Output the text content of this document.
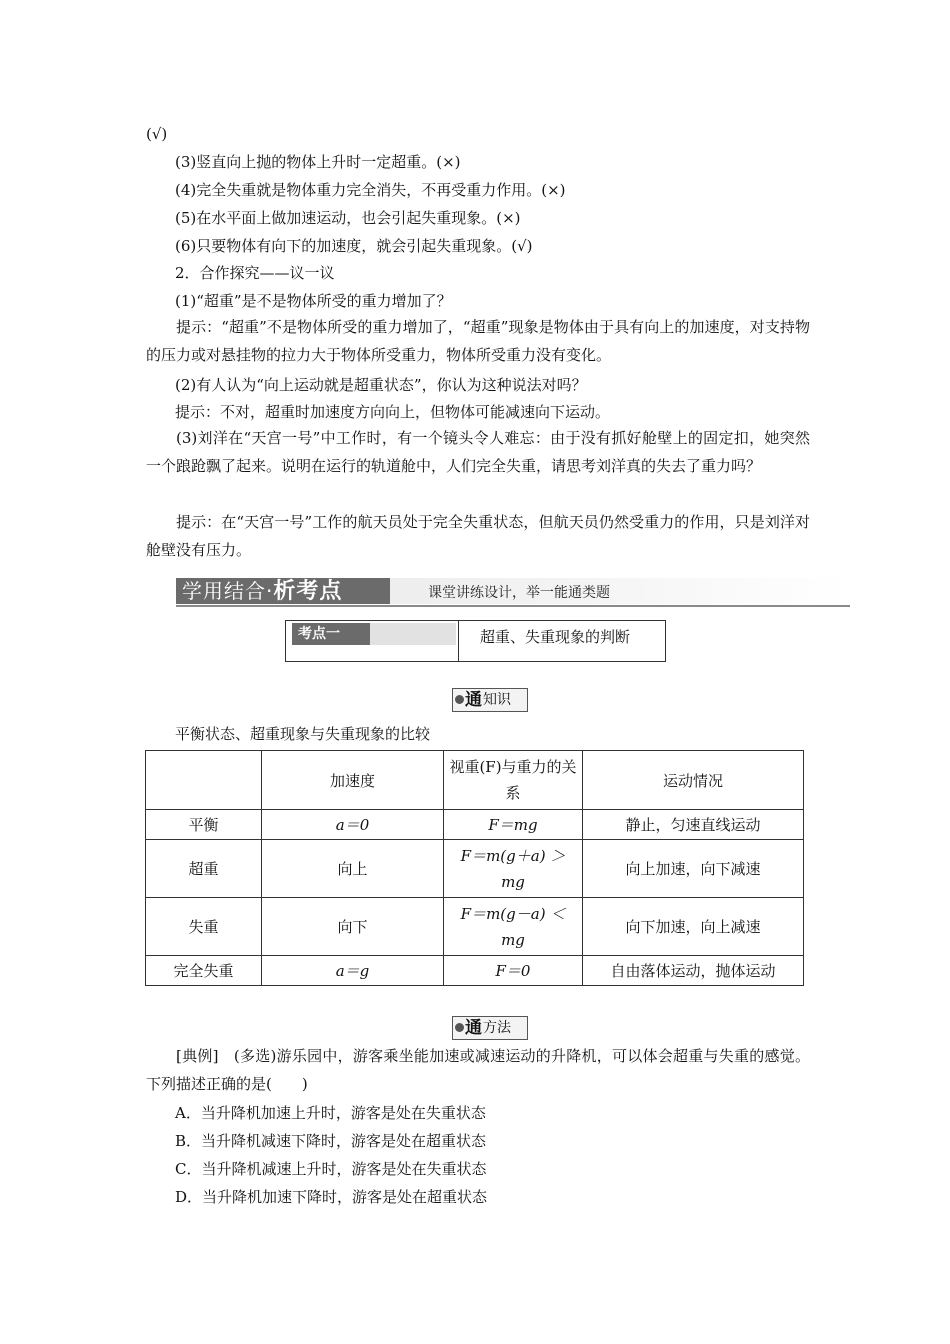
(√)
(3)竖直向上抛的物体上升时一定超重。(×)
(4)完全失重就是物体重力完全消失，不再受重力作用。(×)
(5)在水平面上做加速运动，也会引起失重现象。(×)
(6)只要物体有向下的加速度，就会引起失重现象。(√)
2．合作探究——议一议
(1)“超重”是不是物体所受的重力增加了？
提示：“超重”不是物体所受的重力增加了，“超重”现象是物体由于具有向上的加速度，对支持物的压力或对悬挂物的拉力大于物体所受重力，物体所受重力没有变化。
(2)有人认为“向上运动就是超重状态”，你认为这种说法对吗？
提示：不对，超重时加速度方向向上，但物体可能减速向下运动。
(3)刘洋在“天宫一号”中工作时，有一个镜头令人难忘：由于没有抓好舱壁上的固定扣，她突然一个踉跄飘了起来。说明在运行的轨道舱中，人们完全失重，请思考刘洋真的失去了重力吗？
提示：在“天宫一号”工作的航天员处于完全失重状态，但航天员仍然受重力的作用，只是刘洋对舱壁没有压力。
学用结合·析考点	课堂讲练设计，举一能通类题
考点一	超重、失重现象的判断
通 知识
平衡状态、超重现象与失重现象的比较
	加速度	视重(F)与重力的关系	运动情况
平衡	a＝0	F＝mg	静止，匀速直线运动
超重	向上	F＝m(g＋a) ＞ mg	向上加速，向下减速
失重	向下	F＝m(g－a) ＜ mg	向下加速，向上减速
完全失重	a＝g	F＝0	自由落体运动，抛体运动
通 方法
[典例]　(多选)游乐园中，游客乘坐能加速或减速运动的升降机，可以体会超重与失重的感觉。下列描述正确的是(　　)
A．当升降机加速上升时，游客是处在失重状态
B．当升降机减速下降时，游客是处在超重状态
C．当升降机减速上升时，游客是处在失重状态
D．当升降机加速下降时，游客是处在超重状态
